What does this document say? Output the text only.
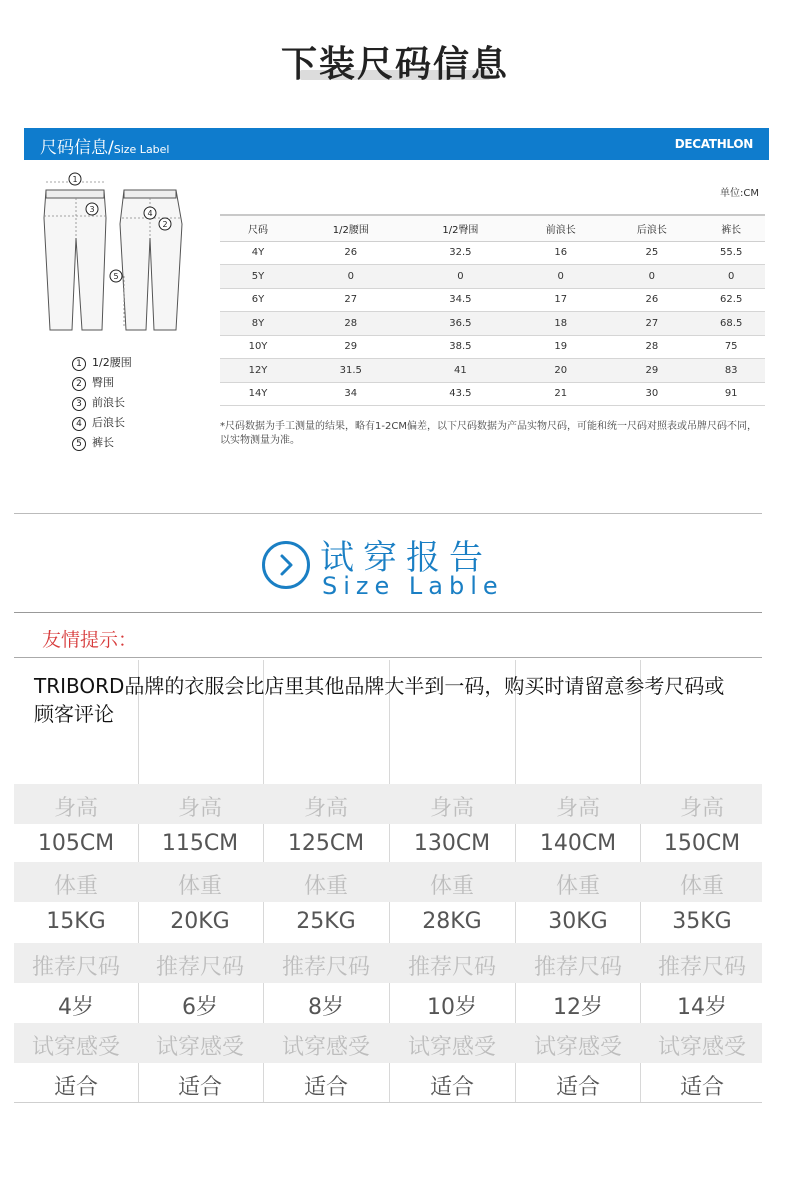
下装尺码信息
尺码信息/Size Label	DECATHLON
1
3
2
4
5
1 1/2腰围
2 臀围
3 前浪长
4 后浪长
5 裤长
单位:CM
尺码	1/2腰围	1/2臀围	前浪长	后浪长	裤长
4Y	26	32.5	16	25	55.5
5Y	0	0	0	0	0
6Y	27	34.5	17	26	62.5
8Y	28	36.5	18	27	68.5
10Y	29	38.5	19	28	75
12Y	31.5	41	20	29	83
14Y	34	43.5	21	30	91
*尺码数据为手工测量的结果，略有1-2CM偏差，以下尺码数据为产品实物尺码，可能和统一尺码对照表或吊牌尺码不同，以实物测量为准。
试穿报告
Size Lable
友情提示：
TRIBORD品牌的衣服会比店里其他品牌大半到一码，购买时请留意参考尺码或顾客评论
身高	身高	身高	身高	身高	身高
105CM	115CM	125CM	130CM	140CM	150CM
体重	体重	体重	体重	体重	体重
15KG	20KG	25KG	28KG	30KG	35KG
推荐尺码	推荐尺码	推荐尺码	推荐尺码	推荐尺码	推荐尺码
4岁	6岁	8岁	10岁	12岁	14岁
试穿感受	试穿感受	试穿感受	试穿感受	试穿感受	试穿感受
适合	适合	适合	适合	适合	适合
